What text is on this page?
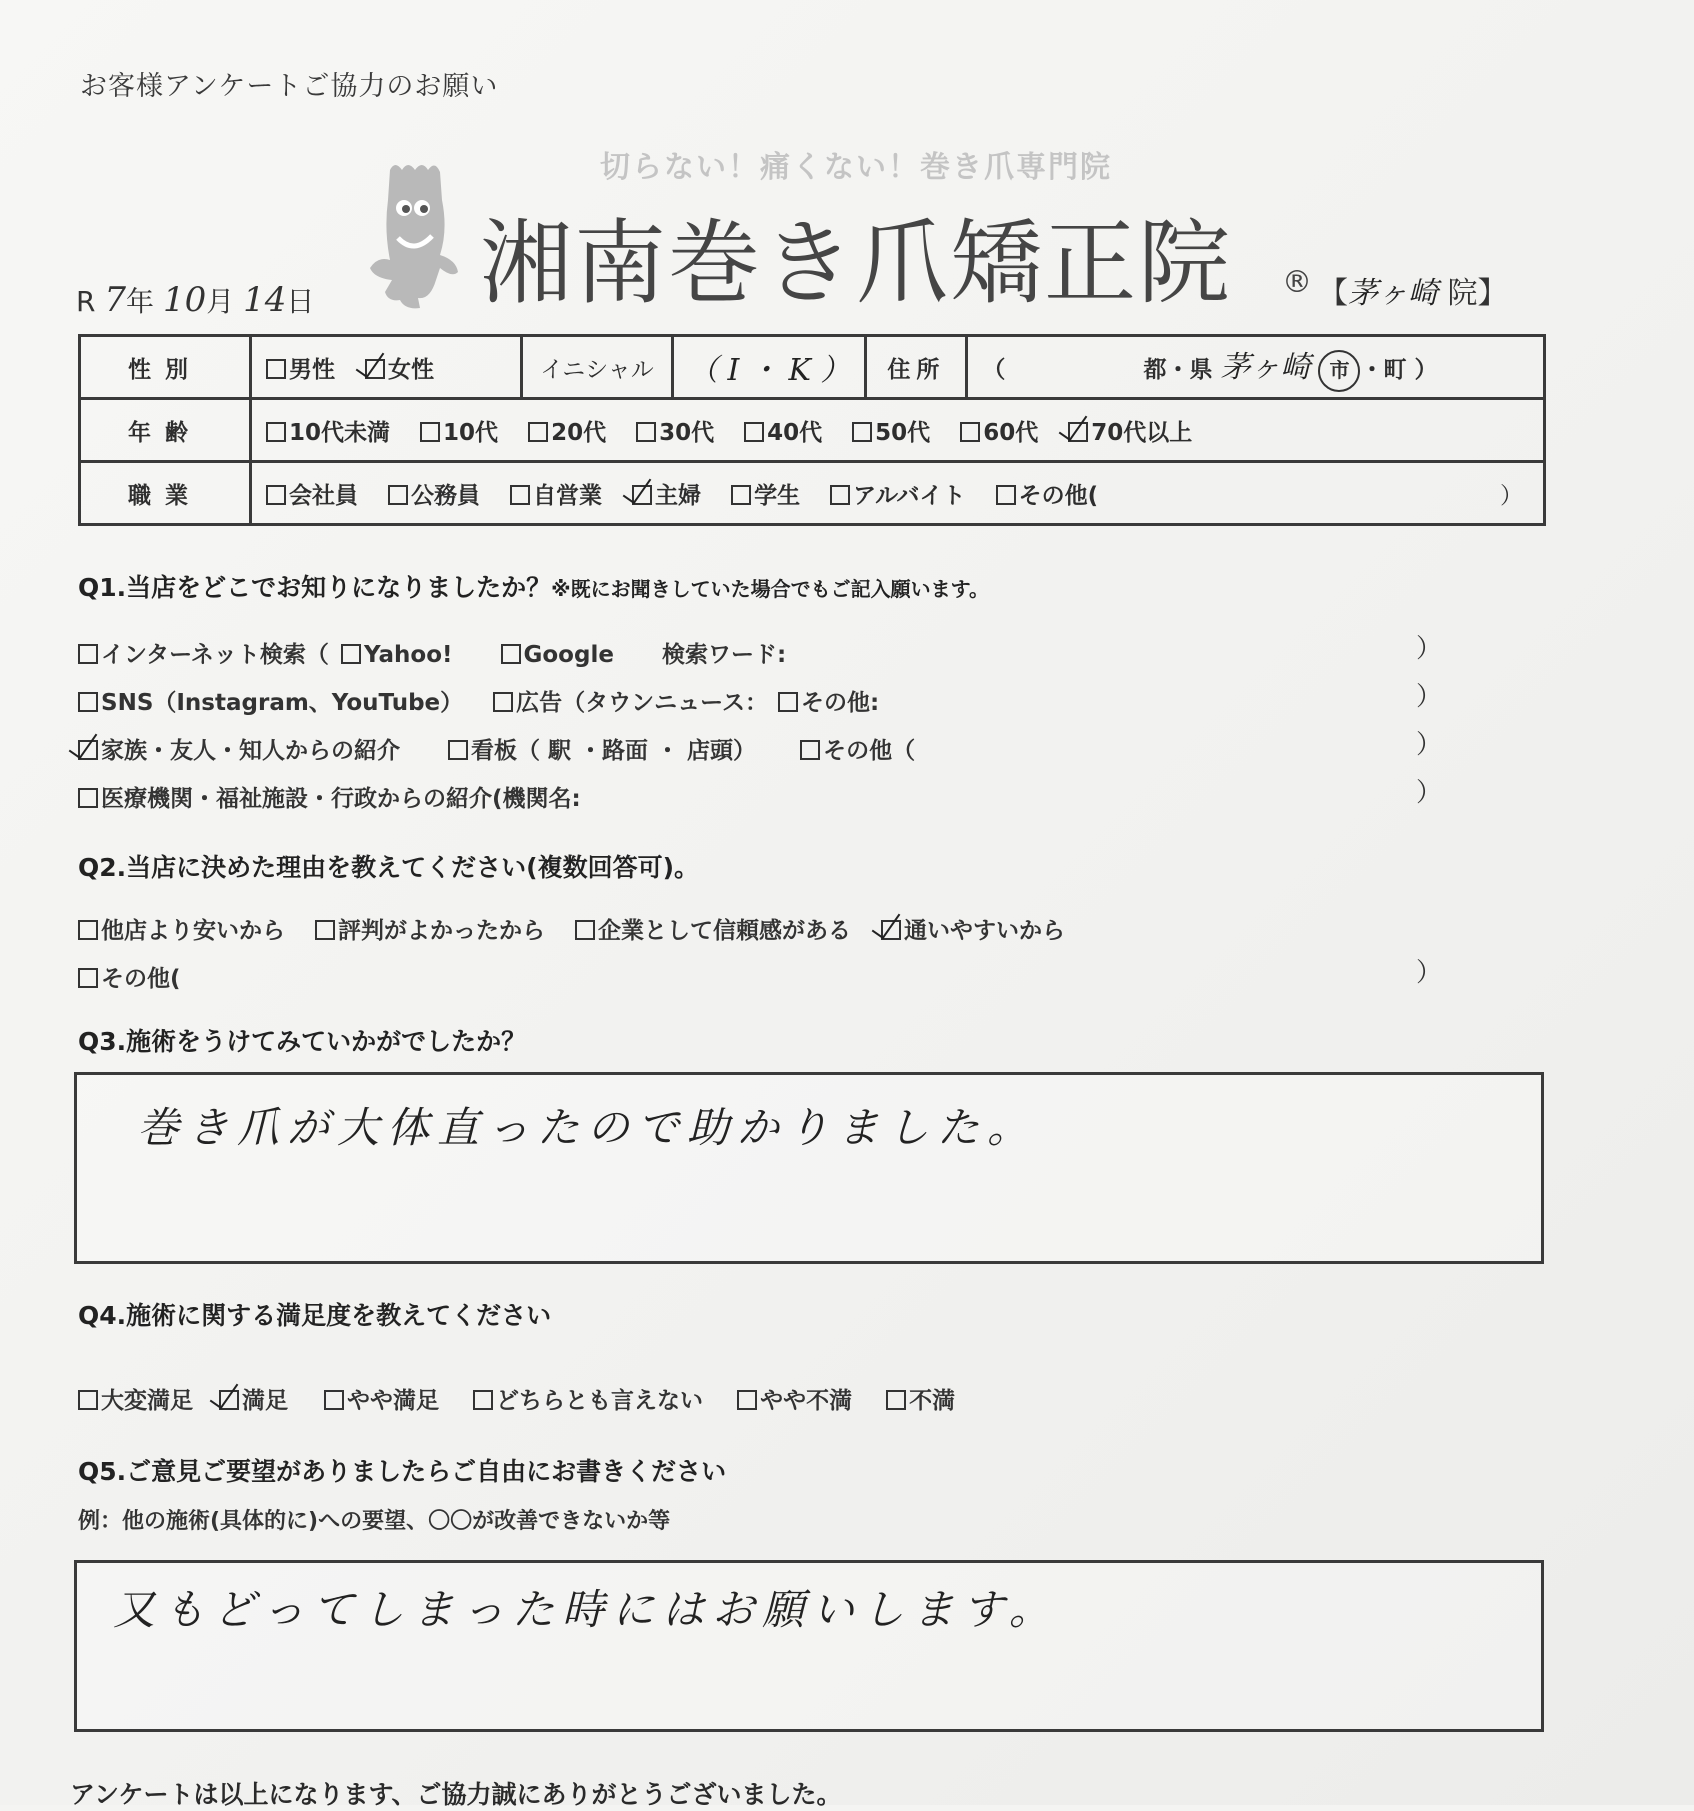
お客様アンケートご協力のお願い
切らない！痛くない！巻き爪専門院
湘南巻き爪矯正院 ® 【茅ヶ崎 院】
R 7年 10月 14日
性別	男性 女性	イニシャル	（ I ・ K ）	住所	（ 都・県 茅ヶ崎 市 ・町 ）
年齢	10代未満 10代 20代 30代 40代 50代 60代 70代以上				
職業	会社員 公務員 自営業 主婦 学生 アルバイト その他( ）				
Q1.当店をどこでお知りになりましたか？※既にお聞きしていた場合でもご記入願います。
インターネット検索（ Yahoo!	Google 検索ワード:	）
SNS（Instagram、YouTube） 広告（タウンニュース： その他:	）
家族・友人・知人からの紹介	看板（ 駅 ・路面 ・ 店頭）	その他（	）
医療機関・福祉施設・行政からの紹介(機関名:	）
Q2.当店に決めた理由を教えてください(複数回答可)。
他店より安いから 評判がよかったから 企業として信頼感がある 通いやすいから
その他(	）
Q3.施術をうけてみていかがでしたか？
巻き爪が大体直ったので助かりました。
Q4.施術に関する満足度を教えてください
大変満足 満足	やや満足 どちらとも言えない やや不満 不満
Q5.ご意見ご要望がありましたらご自由にお書きください
例：他の施術(具体的に)への要望、〇〇が改善できないか等
又もどってしまった時にはお願いします。
アンケートは以上になります、ご協力誠にありがとうございました。
